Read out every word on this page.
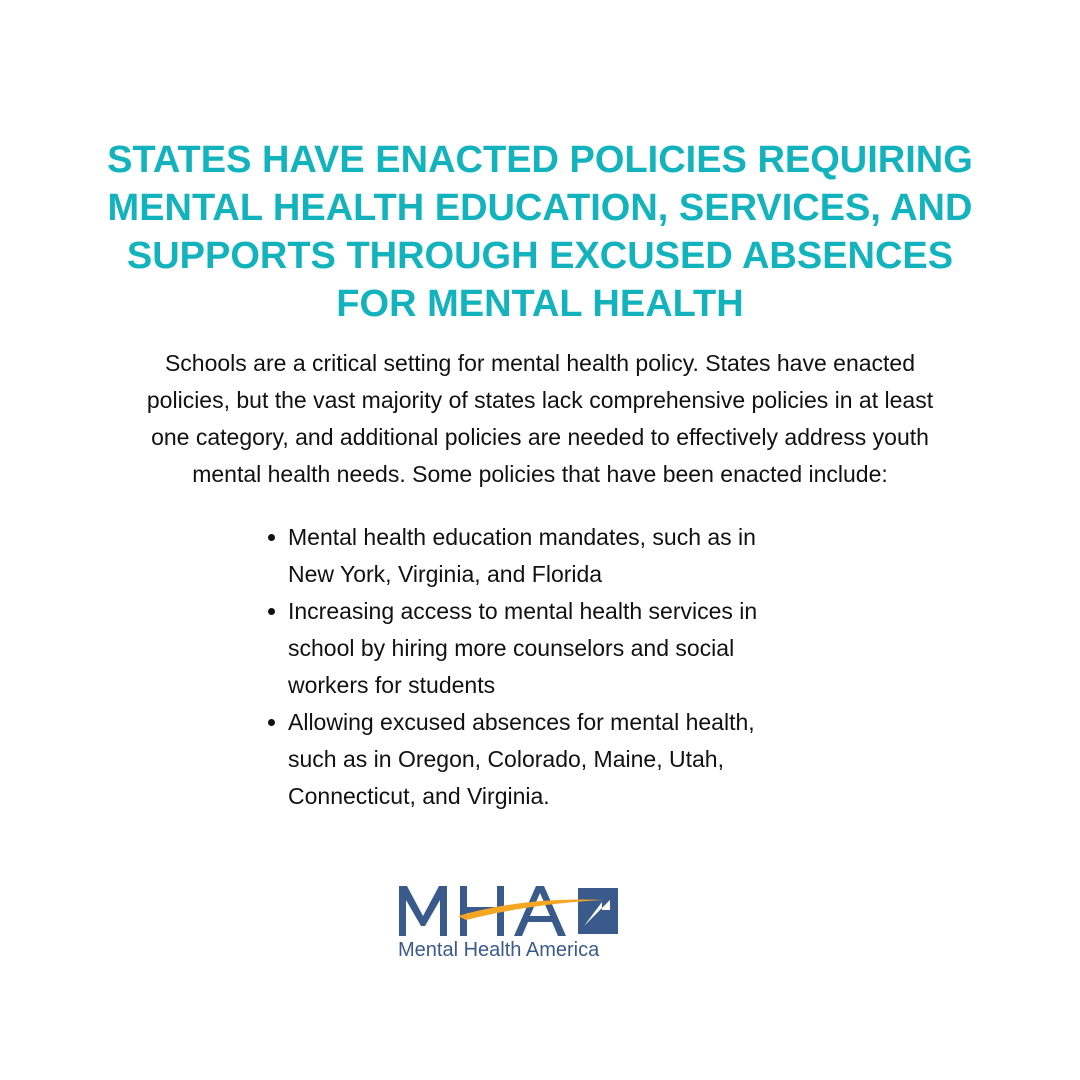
STATES HAVE ENACTED POLICIES REQUIRING
MENTAL HEALTH EDUCATION, SERVICES, AND
SUPPORTS THROUGH EXCUSED ABSENCES
FOR MENTAL HEALTH

Schools are a critical setting for mental health policy. States have enacted
policies, but the vast majority of states lack comprehensive policies in at least
one category, and additional policies are needed to effectively address youth
mental health needs. Some policies that have been enacted include:

Mental health education mandates, such as in
New York, Virginia, and Florida
Increasing access to mental health services in
school by hiring more counselors and social
workers for students
Allowing excused absences for mental health,
such as in Oregon, Colorado, Maine, Utah,
Connecticut, and Virginia.

Mental Health America
